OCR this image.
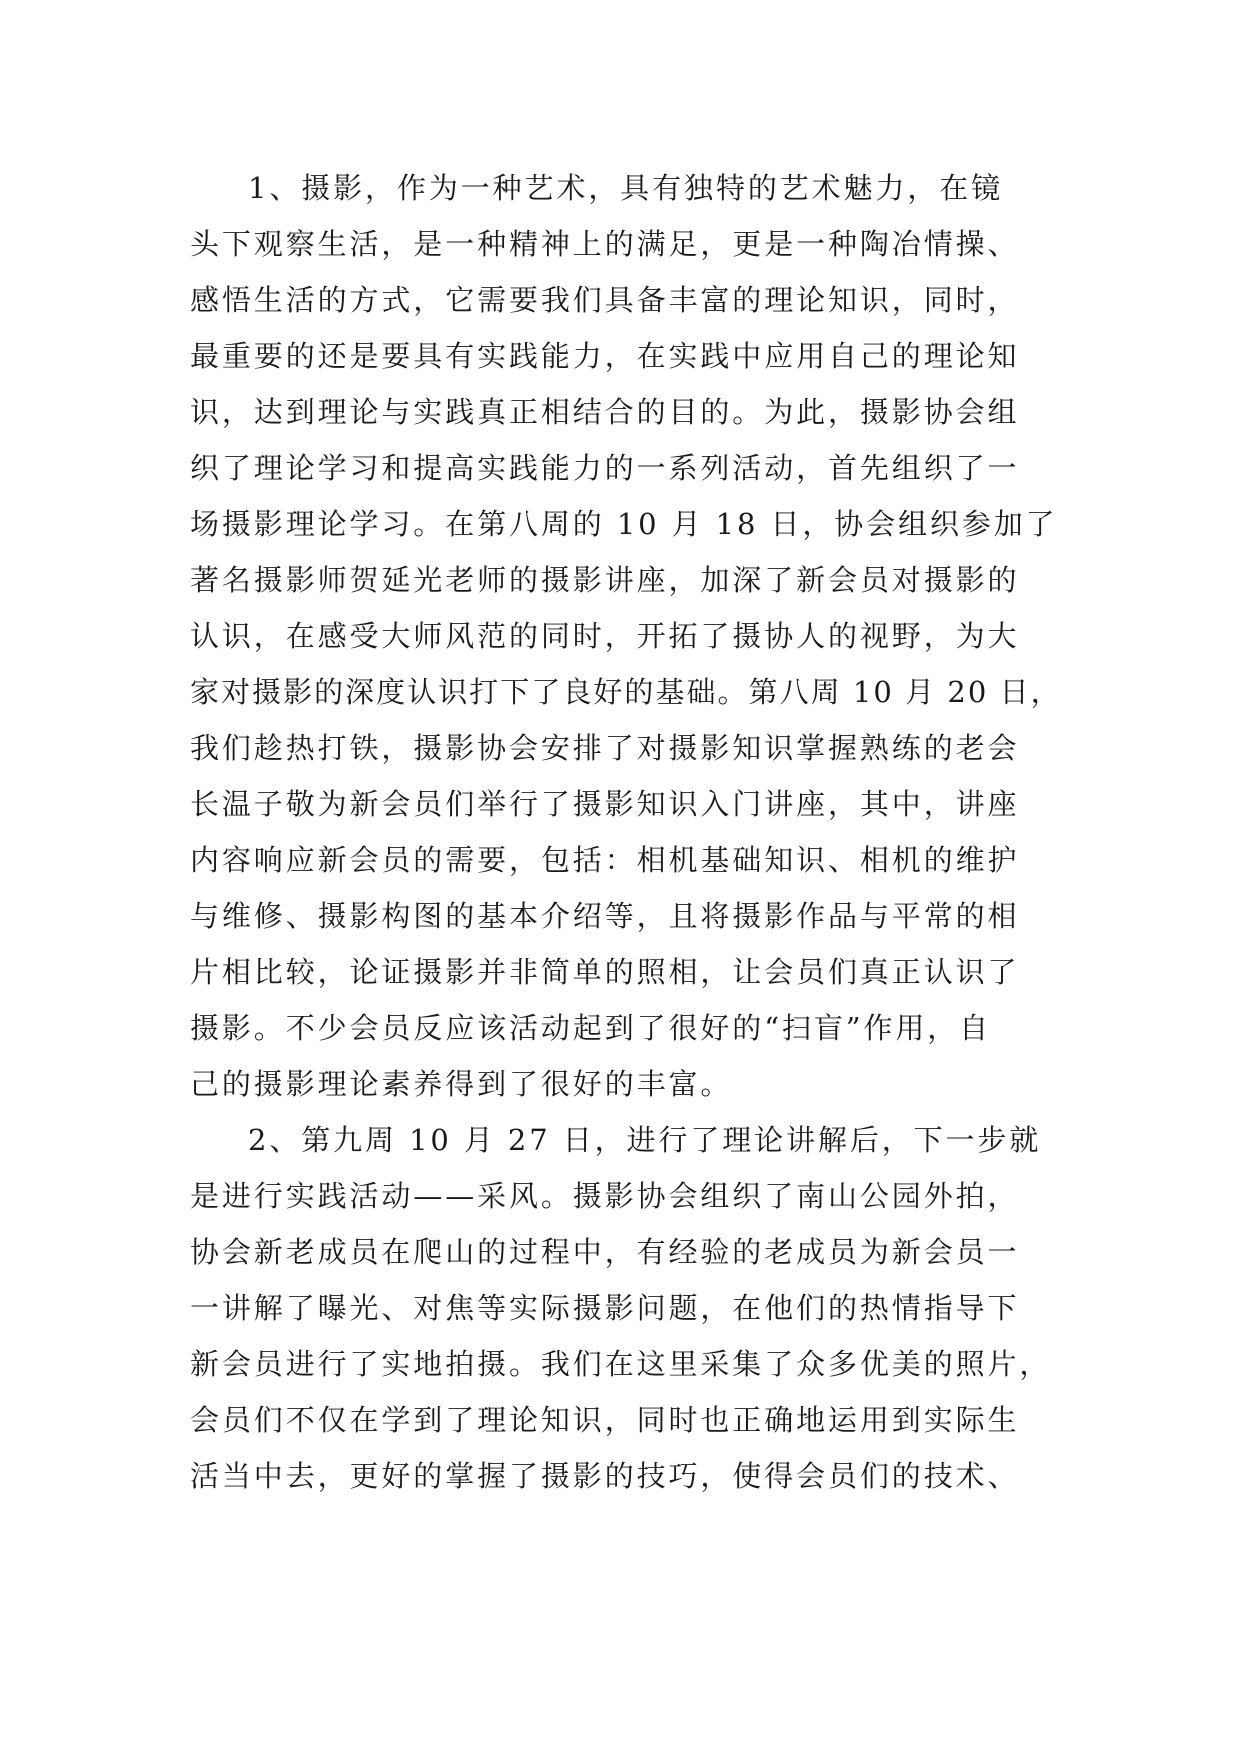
1、摄影，作为一种艺术，具有独特的艺术魅力，在镜
头下观察生活，是一种精神上的满足，更是一种陶冶情操、
感悟生活的方式，它需要我们具备丰富的理论知识，同时，
最重要的还是要具有实践能力，在实践中应用自己的理论知
识，达到理论与实践真正相结合的目的。为此，摄影协会组
织了理论学习和提高实践能力的一系列活动，首先组织了一
场摄影理论学习。在第八周的 10 月 18 日，协会组织参加了
著名摄影师贺延光老师的摄影讲座，加深了新会员对摄影的
认识，在感受大师风范的同时，开拓了摄协人的视野，为大
家对摄影的深度认识打下了良好的基础。第八周 10 月 20 日，
我们趁热打铁，摄影协会安排了对摄影知识掌握熟练的老会
长温子敬为新会员们举行了摄影知识入门讲座，其中，讲座
内容响应新会员的需要，包括：相机基础知识、相机的维护
与维修、摄影构图的基本介绍等，且将摄影作品与平常的相
片相比较，论证摄影并非简单的照相，让会员们真正认识了
摄影。不少会员反应该活动起到了很好的“扫盲”作用，自
己的摄影理论素养得到了很好的丰富。
2、第九周 10 月 27 日，进行了理论讲解后，下一步就
是进行实践活动——采风。摄影协会组织了南山公园外拍，
协会新老成员在爬山的过程中，有经验的老成员为新会员一
一讲解了曝光、对焦等实际摄影问题，在他们的热情指导下
新会员进行了实地拍摄。我们在这里采集了众多优美的照片，
会员们不仅在学到了理论知识，同时也正确地运用到实际生
活当中去，更好的掌握了摄影的技巧，使得会员们的技术、
